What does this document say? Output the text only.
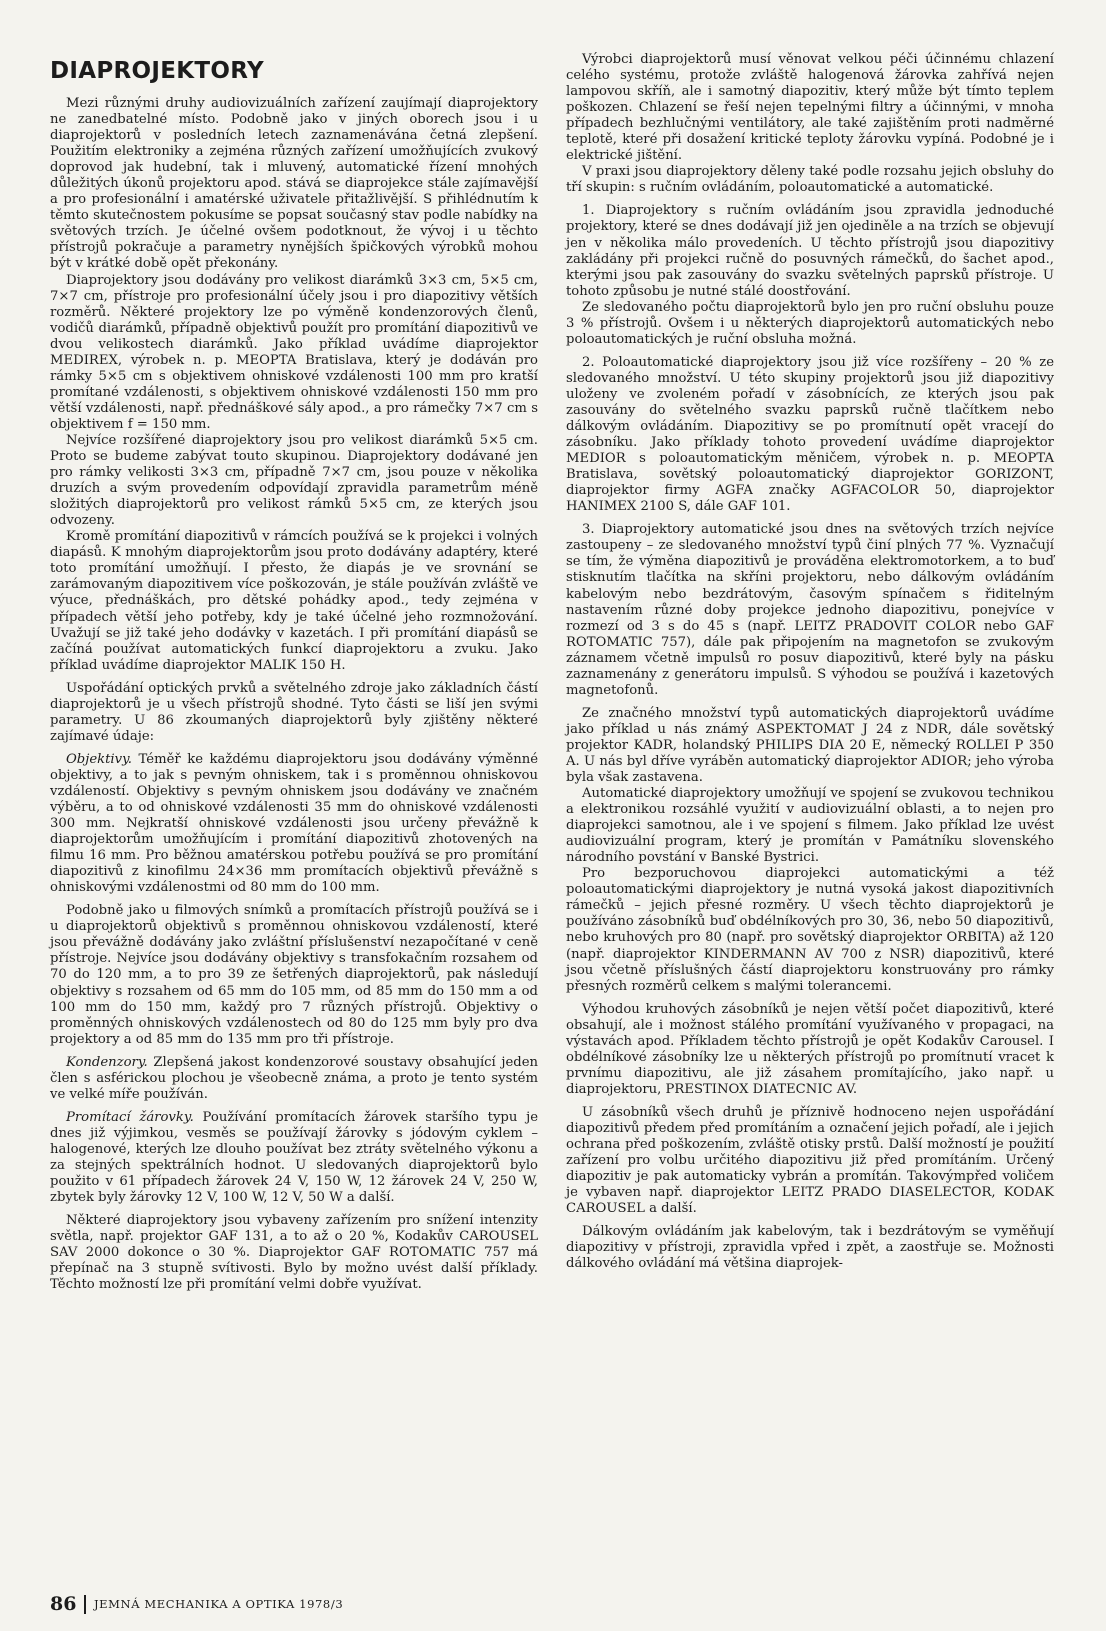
DIAPROJEKTORY

Mezi různými druhy audiovizuálních zařízení zaujímají diaprojektory ne zanedbatelné místo. Podobně jako v jiných oborech jsou i u diaprojektorů v posledních letech zaznamenávána četná zlepšení. Použitím elektroniky a zejména různých zařízení umožňujících zvukový doprovod jak hudební, tak i mluvený, automatické řízení mnohých důležitých úkonů projektoru apod. stává se diaprojekce stále zajímavější a pro profesionální i amatérské uživatele přitažlivější. S přihlédnutím k těmto skutečnostem pokusíme se popsat současný stav podle nabídky na světových trzích. Je účelné ovšem podotknout, že vývoj i u těchto přístrojů pokračuje a parametry nynějších špičkových výrobků mohou být v krátké době opět překonány.

Diaprojektory jsou dodávány pro velikost diarámků 3×3 cm, 5×5 cm, 7×7 cm, přístroje pro profesionální účely jsou i pro diapozitivy větších rozměrů. Některé projektory lze po výměně kondenzorových členů, vodičů diarámků, případně objektivů použít pro promítání diapozitivů ve dvou velikostech diarámků. Jako příklad uvádíme diaprojektor MEDIREX, výrobek n. p. MEOPTA Bratislava, který je dodáván pro rámky 5×5 cm s objektivem ohniskové vzdálenosti 100 mm pro kratší promítané vzdálenosti, s objektivem ohniskové vzdálenosti 150 mm pro větší vzdálenosti, např. přednáškové sály apod., a pro rámečky 7×7 cm s objektivem f = 150 mm.

Nejvíce rozšířené diaprojektory jsou pro velikost diarámků 5×5 cm. Proto se budeme zabývat touto skupinou. Diaprojektory dodávané jen pro rámky velikosti 3×3 cm, případně 7×7 cm, jsou pouze v několika druzích a svým provedením odpovídají zpravidla parametrům méně složitých diaprojektorů pro velikost rámků 5×5 cm, ze kterých jsou odvozeny.

Kromě promítání diapozitivů v rámcích používá se k projekci i volných diapásů. K mnohým diaprojektorům jsou proto dodávány adaptéry, které toto promítání umožňují. I přesto, že diapás je ve srovnání se zarámovaným diapozitivem více poškozován, je stále používán zvláště ve výuce, přednáškách, pro dětské pohádky apod., tedy zejména v případech větší jeho potřeby, kdy je také účelné jeho rozmnožování. Uvažují se již také jeho dodávky v kazetách. I při promítání diapásů se začíná používat automatických funkcí diaprojektoru a zvuku. Jako příklad uvádíme diaprojektor MALIK 150 H.

Uspořádání optických prvků a světelného zdroje jako základních částí diaprojektorů je u všech přístrojů shodné. Tyto části se liší jen svými parametry. U 86 zkoumaných diaprojektorů byly zjištěny některé zajímavé údaje:

Objektivy. Téměř ke každému diaprojektoru jsou dodávány výměnné objektivy, a to jak s pevným ohniskem, tak i s proměnnou ohniskovou vzdáleností. Objektivy s pevným ohniskem jsou dodávány ve značném výběru, a to od ohniskové vzdálenosti 35 mm do ohniskové vzdálenosti 300 mm. Nejkratší ohniskové vzdálenosti jsou určeny převážně k diaprojektorům umožňujícím i promítání diapozitivů zhotovených na filmu 16 mm. Pro běžnou amatérskou potřebu používá se pro promítání diapozitivů z kinofilmu 24×36 mm promítacích objektivů převážně s ohniskovými vzdálenostmi od 80 mm do 100 mm.

Podobně jako u filmových snímků a promítacích přístrojů používá se i u diaprojektorů objektivů s proměnnou ohniskovou vzdáleností, které jsou převážně dodávány jako zvláštní příslušenství nezapočítané v ceně přístroje. Nejvíce jsou dodávány objektivy s transfokačním rozsahem od 70 do 120 mm, a to pro 39 ze šetřených diaprojektorů, pak následují objektivy s rozsahem od 65 mm do 105 mm, od 85 mm do 150 mm a od 100 mm do 150 mm, každý pro 7 různých přístrojů. Objektivy o proměnných ohniskových vzdálenostech od 80 do 125 mm byly pro dva projektory a od 85 mm do 135 mm pro tři přístroje.

Kondenzory. Zlepšená jakost kondenzorové soustavy obsahující jeden člen s asférickou plochou je všeobecně známa, a proto je tento systém ve velké míře používán.

Promítací žárovky. Používání promítacích žárovek staršího typu je dnes již výjimkou, vesměs se používají žárovky s jódovým cyklem – halogenové, kterých lze dlouho používat bez ztráty světelného výkonu a za stejných spektrálních hodnot. U sledovaných diaprojektorů bylo použito v 61 případech žárovek 24 V, 150 W, 12 žárovek 24 V, 250 W, zbytek byly žárovky 12 V, 100 W, 12 V, 50 W a další.

Některé diaprojektory jsou vybaveny zařízením pro snížení intenzity světla, např. projektor GAF 131, a to až o 20 %, Kodakův CAROUSEL SAV 2000 dokonce o 30 %. Diaprojektor GAF ROTOMATIC 757 má přepínač na 3 stupně svítivosti. Bylo by možno uvést další příklady. Těchto možností lze při promítání velmi dobře využívat.

Výrobci diaprojektorů musí věnovat velkou péči účinnému chlazení celého systému, protože zvláště halogenová žárovka zahřívá nejen lampovou skříň, ale i samotný diapozitiv, který může být tímto teplem poškozen. Chlazení se řeší nejen tepelnými filtry a účinnými, v mnoha případech bezhlučnými ventilátory, ale také zajištěním proti nadměrné teplotě, které při dosažení kritické teploty žárovku vypíná. Podobné je i elektrické jištění.

V praxi jsou diaprojektory děleny také podle rozsahu jejich obsluhy do tří skupin: s ručním ovládáním, poloautomatické a automatické.

1. Diaprojektory s ručním ovládáním jsou zpravidla jednoduché projektory, které se dnes dodávají již jen ojediněle a na trzích se objevují jen v několika málo provedeních. U těchto přístrojů jsou diapozitivy zakládány při projekci ručně do posuvných rámečků, do šachet apod., kterými jsou pak zasouvány do svazku světelných paprsků přístroje. U tohoto způsobu je nutné stálé doostřování.

Ze sledovaného počtu diaprojektorů bylo jen pro ruční obsluhu pouze 3 % přístrojů. Ovšem i u některých diaprojektorů automatických nebo poloautomatických je ruční obsluha možná.

2. Poloautomatické diaprojektory jsou již více rozšířeny – 20 % ze sledovaného množství. U této skupiny projektorů jsou již diapozitivy uloženy ve zvoleném pořadí v zásobnících, ze kterých jsou pak zasouvány do světelného svazku paprsků ručně tlačítkem nebo dálkovým ovládáním. Diapozitivy se po promítnutí opět vracejí do zásobníku. Jako příklady tohoto provedení uvádíme diaprojektor MEDIOR s poloautomatickým měničem, výrobek n. p. MEOPTA Bratislava, sovětský poloautomatický diaprojektor GORIZONT, diaprojektor firmy AGFA značky AGFACOLOR 50, diaprojektor HANIMEX 2100 S, dále GAF 101.

3. Diaprojektory automatické jsou dnes na světových trzích nejvíce zastoupeny – ze sledovaného množství typů činí plných 77 %. Vyznačují se tím, že výměna diapozitivů je prováděna elektromotorkem, a to buď stisknutím tlačítka na skříni projektoru, nebo dálkovým ovládáním kabelovým nebo bezdrátovým, časovým spínačem s řiditelným nastavením různé doby projekce jednoho diapozitivu, ponejvíce v rozmezí od 3 s do 45 s (např. LEITZ PRADOVIT COLOR nebo GAF ROTOMATIC 757), dále pak připojením na magnetofon se zvukovým záznamem včetně impulsů ro posuv diapozitivů, které byly na pásku zaznamenány z generátoru impulsů. S výhodou se používá i kazetových magnetofonů.

Ze značného množství typů automatických diaprojektorů uvádíme jako příklad u nás známý ASPEKTOMAT J 24 z NDR, dále sovětský projektor KADR, holandský PHILIPS DIA 20 E, německý ROLLEI P 350 A. U nás byl dříve vyráběn automatický diaprojektor ADIOR; jeho výroba byla však zastavena.

Automatické diaprojektory umožňují ve spojení se zvukovou technikou a elektronikou rozsáhlé využití v audiovizuální oblasti, a to nejen pro diaprojekci samotnou, ale i ve spojení s filmem. Jako příklad lze uvést audiovizuální program, který je promítán v Památníku slovenského národního povstání v Banské Bystrici.

Pro bezporuchovou diaprojekci automatickými a též poloautomatickými diaprojektory je nutná vysoká jakost diapozitivních rámečků – jejich přesné rozměry. U všech těchto diaprojektorů je používáno zásobníků buď obdélníkových pro 30, 36, nebo 50 diapozitivů, nebo kruhových pro 80 (např. pro sovětský diaprojektor ORBITA) až 120 (např. diaprojektor KINDERMANN AV 700 z NSR) diapozitivů, které jsou včetně příslušných částí diaprojektoru konstruovány pro rámky přesných rozměrů celkem s malými tolerancemi.

Výhodou kruhových zásobníků je nejen větší počet diapozitivů, které obsahují, ale i možnost stálého promítání využívaného v propagaci, na výstavách apod. Příkladem těchto přístrojů je opět Kodakův Carousel. I obdélníkové zásobníky lze u některých přístrojů po promítnutí vracet k prvnímu diapozitivu, ale již zásahem promítajícího, jako např. u diaprojektoru, PRESTINOX DIATECNIC AV.

U zásobníků všech druhů je příznivě hodnoceno nejen uspořádání diapozitivů předem před promítáním a označení jejich pořadí, ale i jejich ochrana před poškozením, zvláště otisky prstů. Další možností je použití zařízení pro volbu určitého diapozitivu již před promítáním. Určený diapozitiv je pak automaticky vybrán a promítán. Takovýmpřed voličem je vybaven např. diaprojektor LEITZ PRADO DIASELECTOR, KODAK CAROUSEL a další.

Dálkovým ovládáním jak kabelovým, tak i bezdrátovým se vyměňují diapozitivy v přístroji, zpravidla vpřed i zpět, a zaostřuje se. Možnosti dálkového ovládání má většina diaprojek-

86 JEMNÁ MECHANIKA A OPTIKA 1978/3
